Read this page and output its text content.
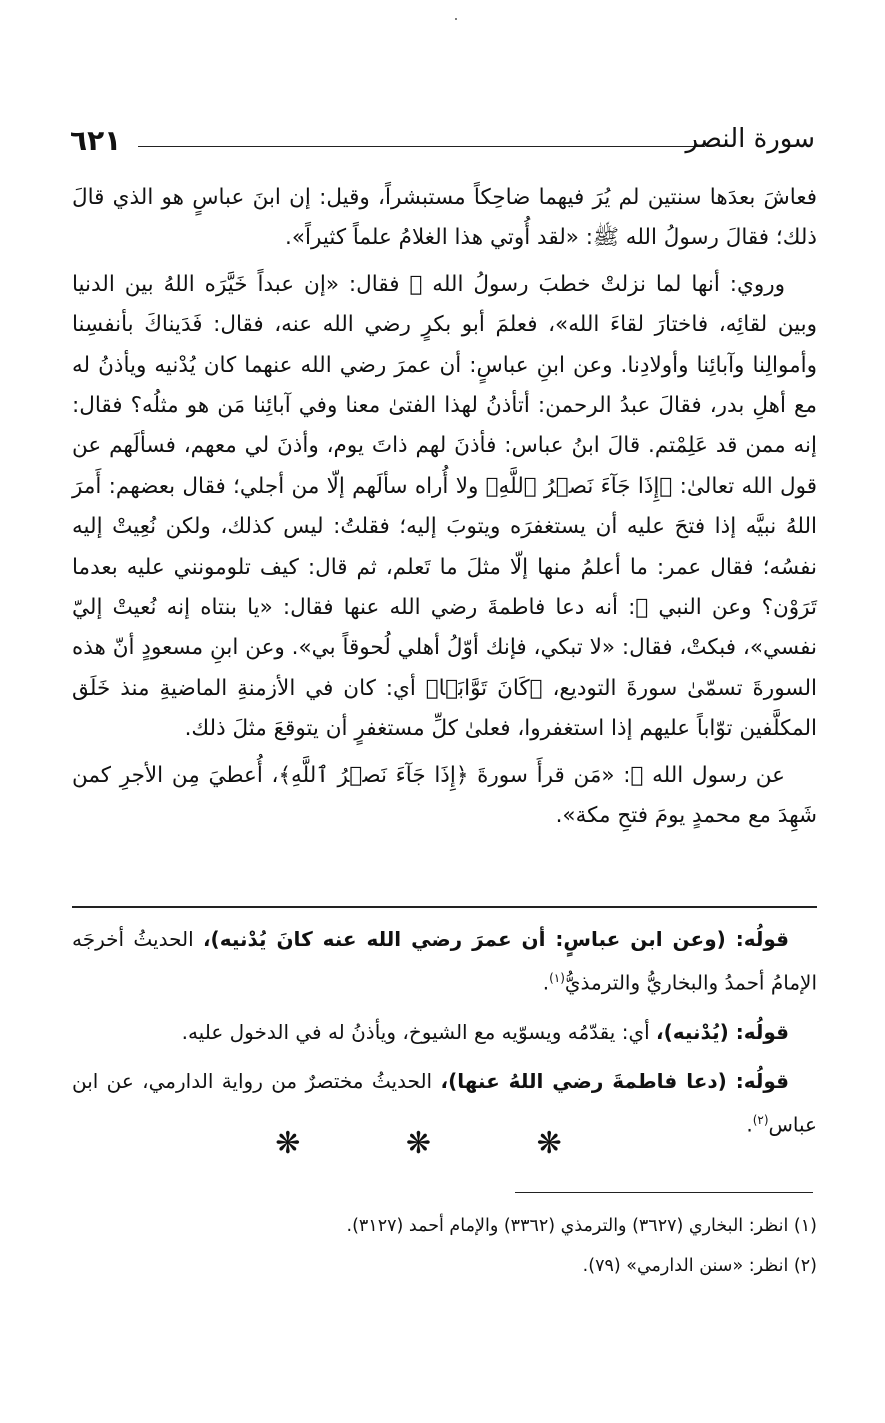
٦٢١	سورة النصر

فعاشَ بعدَها سنتين لم يُرَ فيهما ضاحِكاً مستبشراً، وقيل: إن ابنَ عباسٍ هو الذي قالَ ذلك؛ فقالَ رسولُ الله ﷺ: «لقد أُوتي هذا الغلامُ علماً كثيراً».

وروي: أنها لما نزلتْ خطبَ رسولُ الله ﷺ فقال: «إن عبداً خَيَّرَه اللهُ بين الدنيا وبين لقائِه، فاختارَ لقاءَ الله»، فعلمَ أبو بكرٍ رضي الله عنه، فقال: فَدَيناكَ بأنفسِنا وأموالِنا وآبائِنا وأولادِنا. وعن ابنِ عباسٍ: أن عمرَ رضي الله عنهما كان يُدْنيه ويأذنُ له مع أهلِ بدر، فقالَ عبدُ الرحمن: أتأذنُ لهذا الفتىٰ معنا وفي آبائِنا مَن هو مثلُه؟ فقال: إنه ممن قد عَلِمْتم. قالَ ابنُ عباس: فأذنَ لهم ذاتَ يوم، وأذنَ لي معهم، فسألَهم عن قول الله تعالىٰ: ﴿إِذَا جَآءَ نَصۡرُ ٱللَّهِ﴾ ولا أُراه سألَهم إلّا من أجلي؛ فقال بعضهم: أَمرَ اللهُ نبيَّه إذا فتحَ عليه أن يستغفرَه ويتوبَ إليه؛ فقلتُ: ليس كذلك، ولكن نُعِيتْ إليه نفسُه؛ فقال عمر: ما أعلمُ منها إلّا مثلَ ما تَعلم، ثم قال: كيف تلومونني عليه بعدما تَرَوْن؟ وعن النبي ﷺ: أنه دعا فاطمةَ رضي الله عنها فقال: «يا بنتاه إنه نُعيتْ إليّ نفسي»، فبكتْ، فقال: «لا تبكي، فإنك أوّلُ أهلي لُحوقاً بي». وعن ابنِ مسعودٍ أنّ هذه السورةَ تسمّىٰ سورةَ التوديع، ﴿كَانَ تَوَّابَۢا﴾ أي: كان في الأزمنةِ الماضيةِ منذ خَلَق المكلَّفين توّاباً عليهم إذا استغفروا، فعلىٰ كلِّ مستغفرٍ أن يتوقعَ مثلَ ذلك.

عن رسول الله ﷺ: «مَن قرأَ سورةَ ﴿إِذَا جَآءَ نَصۡرُ ٱللَّهِ﴾، أُعطيَ مِن الأجرِ كمن شَهِدَ مع محمدٍ يومَ فتحِ مكة».

قولُه: (وعن ابن عباسٍ: أن عمرَ رضي الله عنه كانَ يُدْنيه)، الحديثُ أخرجَه الإمامُ أحمدُ والبخاريُّ والترمذيُّ$^{(١)}$.

قولُه: (يُدْنيه)، أي: يقدّمُه ويسوّيه مع الشيوخ، ويأذنُ له في الدخول عليه.

قولُه: (دعا فاطمةَ رضي اللهُ عنها)، الحديثُ مختصرٌ من رواية الدارمي، عن ابن عباس$^{(٢)}$.

❋ ❋ ❋

(١) انظر: البخاري (٣٦٢٧) والترمذي (٣٣٦٢) والإمام أحمد (٣١٢٧).

(٢) انظر: «سنن الدارمي» (٧٩).
